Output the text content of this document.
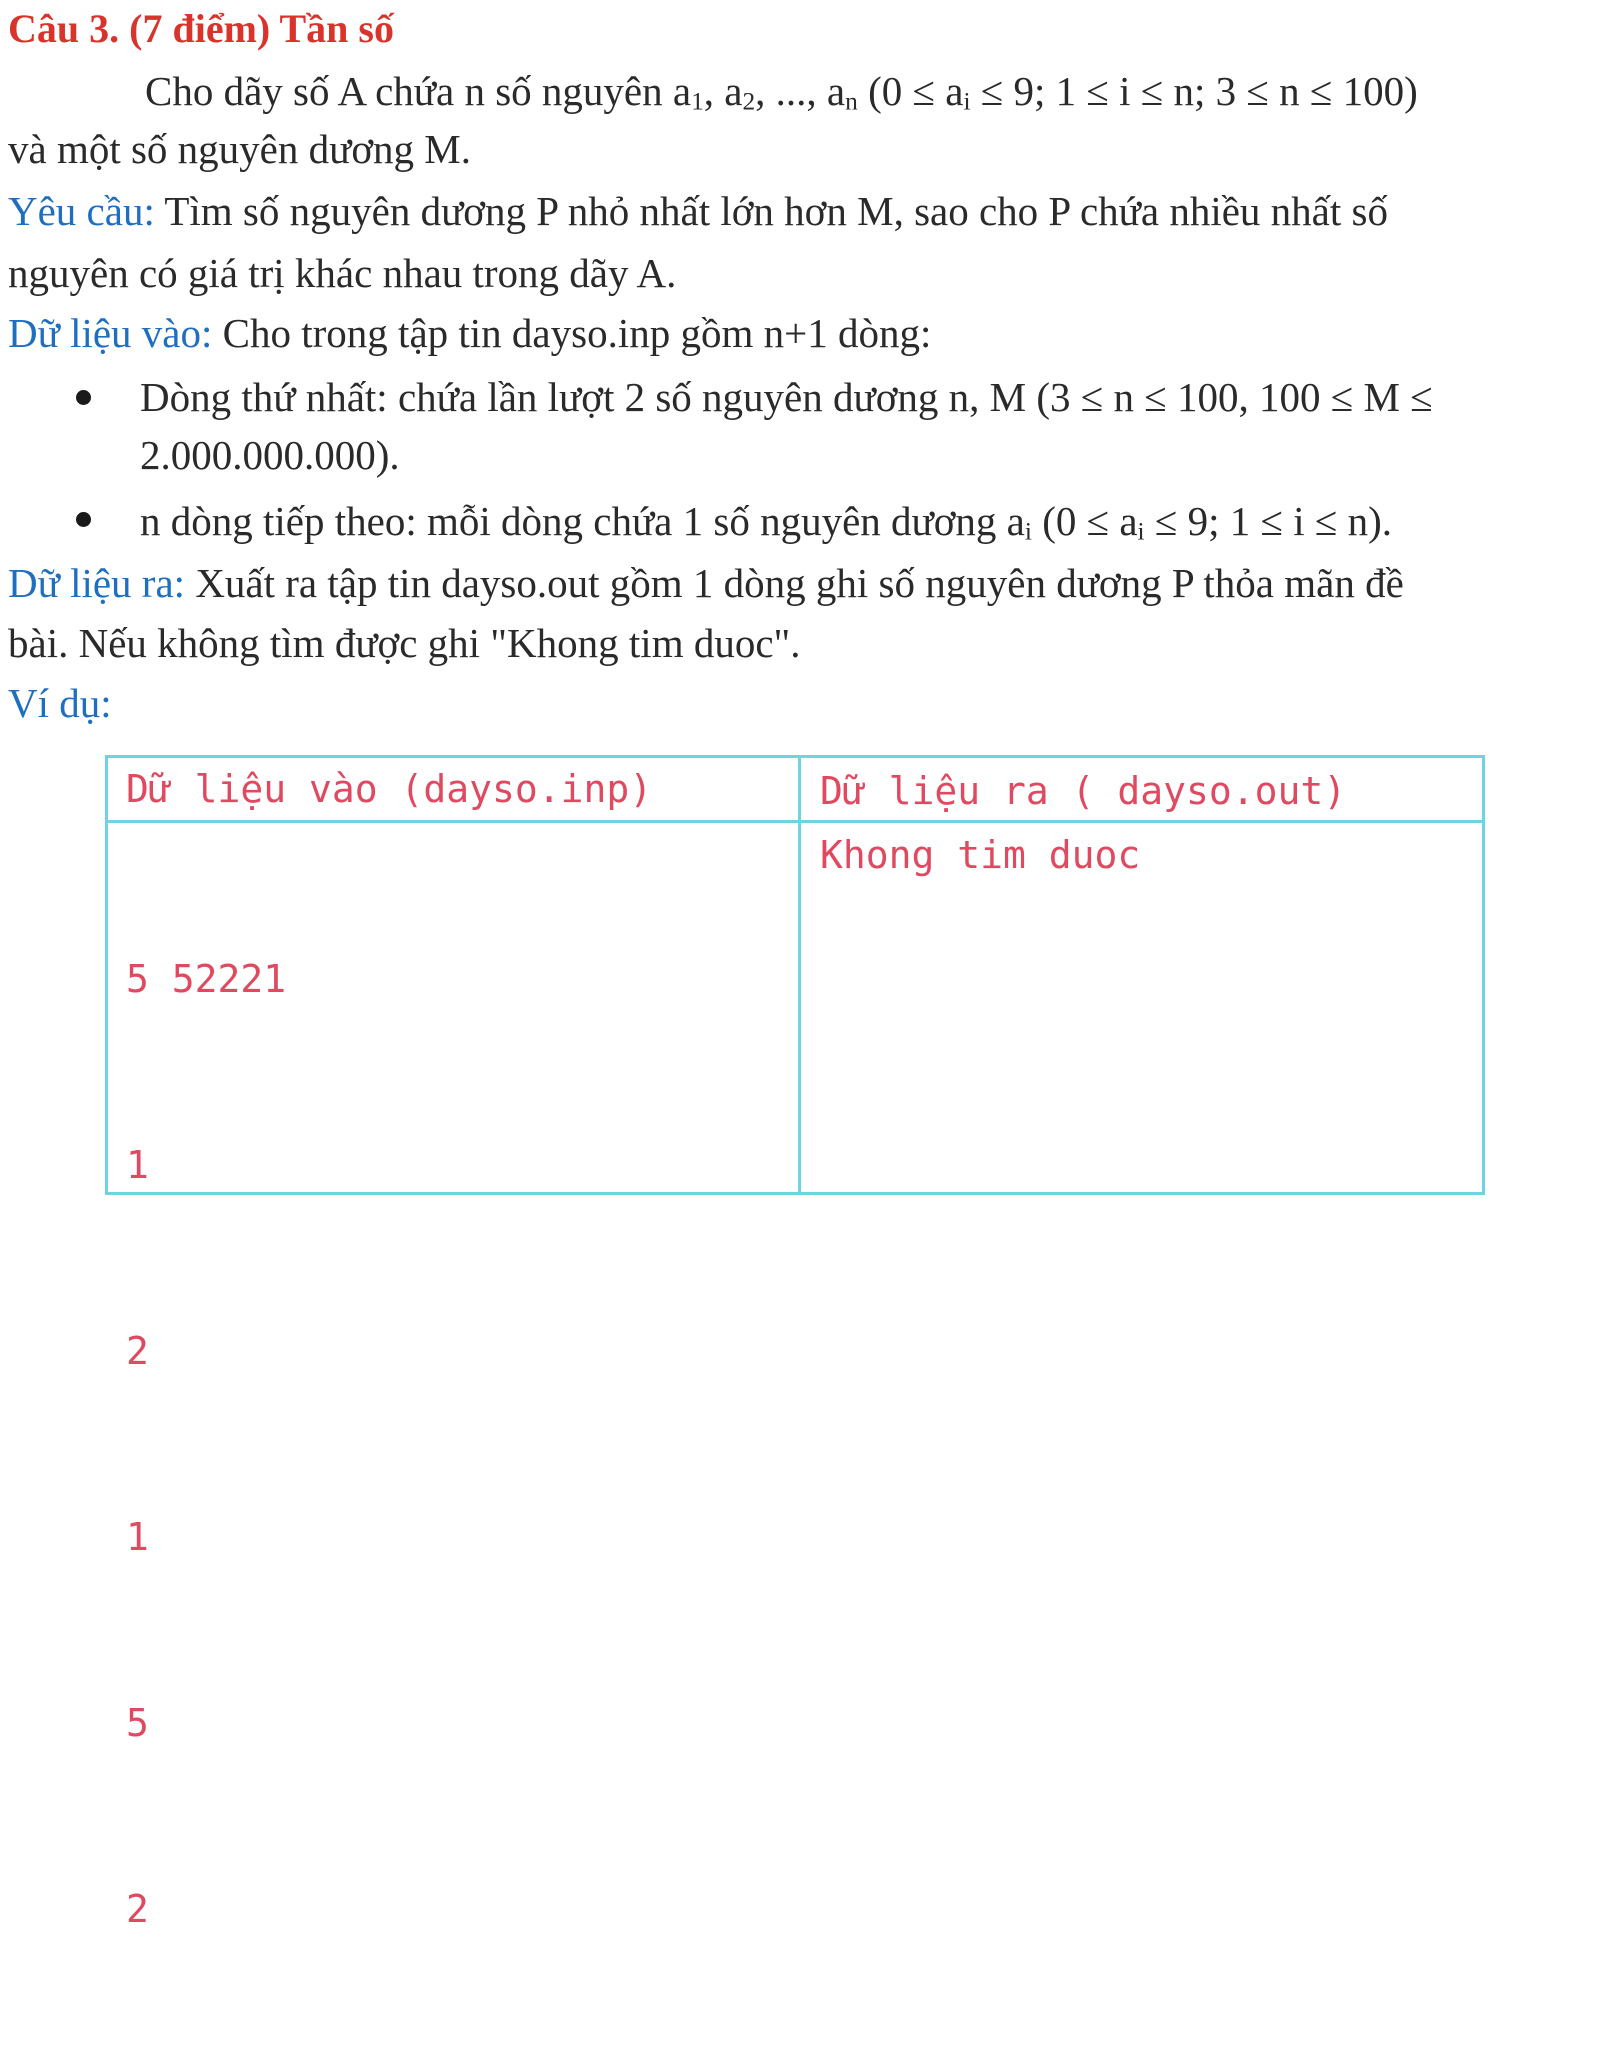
Câu 3. (7 điểm) Tần số
Cho dãy số A chứa n số nguyên $a_1$, $a_2$, ..., $a_n$ ($0 \le a_i \le 9$; 1 ≤ i ≤ n; 3 ≤ n ≤ 100)
và một số nguyên dương M.
Yêu cầu: Tìm số nguyên dương P nhỏ nhất lớn hơn M, sao cho P chứa nhiều nhất số
nguyên có giá trị khác nhau trong dãy A.
Dữ liệu vào: Cho trong tập tin dayso.inp gồm n+1 dòng:
Dòng thứ nhất: chứa lần lượt 2 số nguyên dương n, M (3 ≤ n ≤ 100, 100 ≤ M ≤
2.000.000.000).
n dòng tiếp theo: mỗi dòng chứa 1 số nguyên dương $a_i$ ($0 \le a_i \le 9$; 1 ≤ i ≤ n).
Dữ liệu ra: Xuất ra tập tin dayso.out gồm 1 dòng ghi số nguyên dương P thỏa mãn đề
bài. Nếu không tìm được ghi "Khong tim duoc".
Ví dụ:
Dữ liệu vào (dayso.inp)	Dữ liệu ra ( dayso.out)

5 52221

1

2

1

5

2

Khong tim duoc
